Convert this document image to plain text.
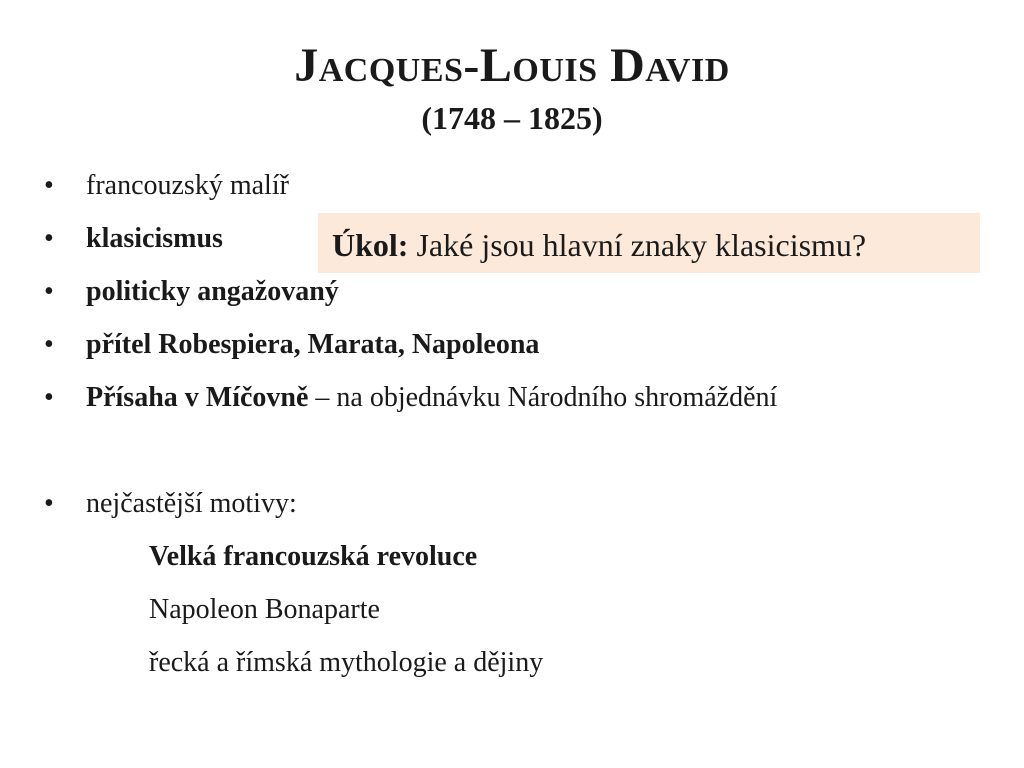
Jacques-Louis David
(1748 – 1825)
•	francouzský malíř
•	klasicismus
•	politicky angažovaný
•	přítel Robespiera, Marata, Napoleona
•	Přísaha v Míčovně – na objednávku Národního shromáždění
•	nejčastější motivy:
Velká francouzská revoluce
Napoleon Bonaparte
řecká a římská mythologie a dějiny
Úkol: Jaké jsou hlavní znaky klasicismu?
